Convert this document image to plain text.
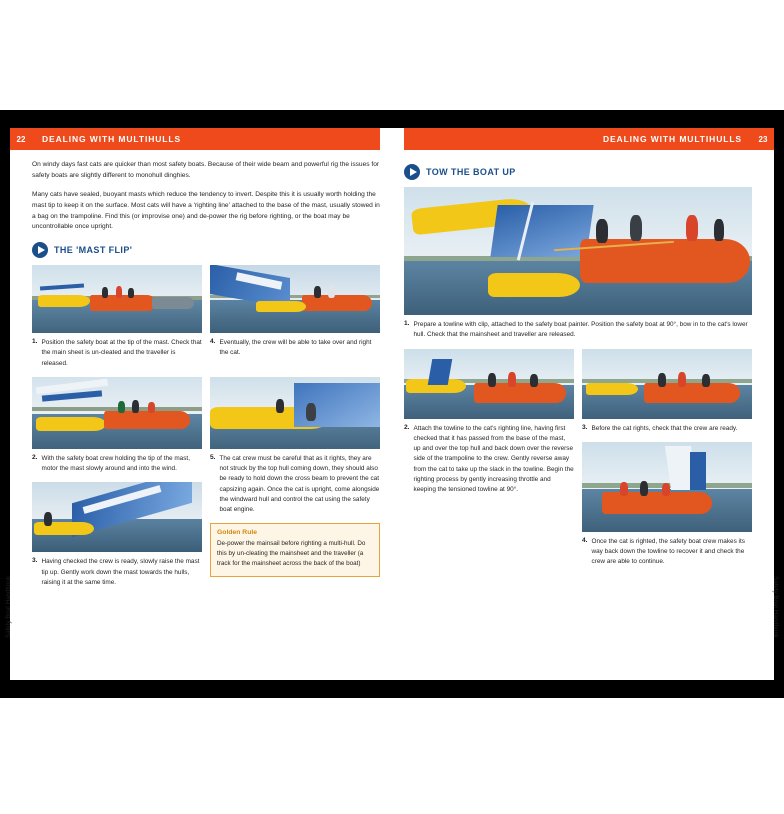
22	DEALING WITH MULTIHULLS

On windy days fast cats are quicker than most safety boats. Because of their wide beam and powerful rig the issues for safety boats are slightly different to monohull dinghies.

Many cats have sealed, buoyant masts which reduce the tendency to invert. Despite this it is usually worth holding the mast tip to keep it on the surface. Most cats will have a 'righting line' attached to the base of the mast, usually stowed in a bag on the trampoline. Find this (or improvise one) and de-power the rig before righting, or the boat may be uncontrollable once upright.

THE 'MAST FLIP'
1. Position the safety boat at the tip of the mast. Check that the main sheet is un-cleated and the traveller is released.
4. Eventually, the crew will be able to take over and right the cat.
2. With the safety boat crew holding the tip of the mast, motor the mast slowly around and into the wind.
3. Having checked the crew is ready, slowly raise the mast tip up. Gently work down the mast towards the hulls, raising it at the same time.
5. The cat crew must be careful that as it rights, they are not struck by the top hull coming down, they should also be ready to hold down the cross beam to prevent the cat capsizing again. Once the cat is upright, come alongside the windward hull and control the cat using the safety boat engine.
Golden Rule
De-power the mainsail before righting a multi-hull. Do this by un-cleating the mainsheet and the traveller (a track for the mainsheet across the back of the boat)
Safety Boat Handbook
23
DEALING WITH MULTIHULLS
TOW THE BOAT UP
1. Prepare a towline with clip, attached to the safety boat painter. Position the safety boat at 90°, bow in to the cat's lower hull. Check that the mainsheet and traveller are released.
2. Attach the towline to the cat's righting line, having first checked that it has passed from the base of the mast, up and over the top hull and back down over the reverse side of the trampoline to the crew. Gently reverse away from the cat to take up the slack in the towline. Begin the righting process by gently increasing throttle and keeping the tensioned towline at 90°.
3. Before the cat rights, check that the crew are ready.
4. Once the cat is righted, the safety boat crew makes its way back down the towline to recover it and check the crew are able to continue.
Safety Boat Handbook
